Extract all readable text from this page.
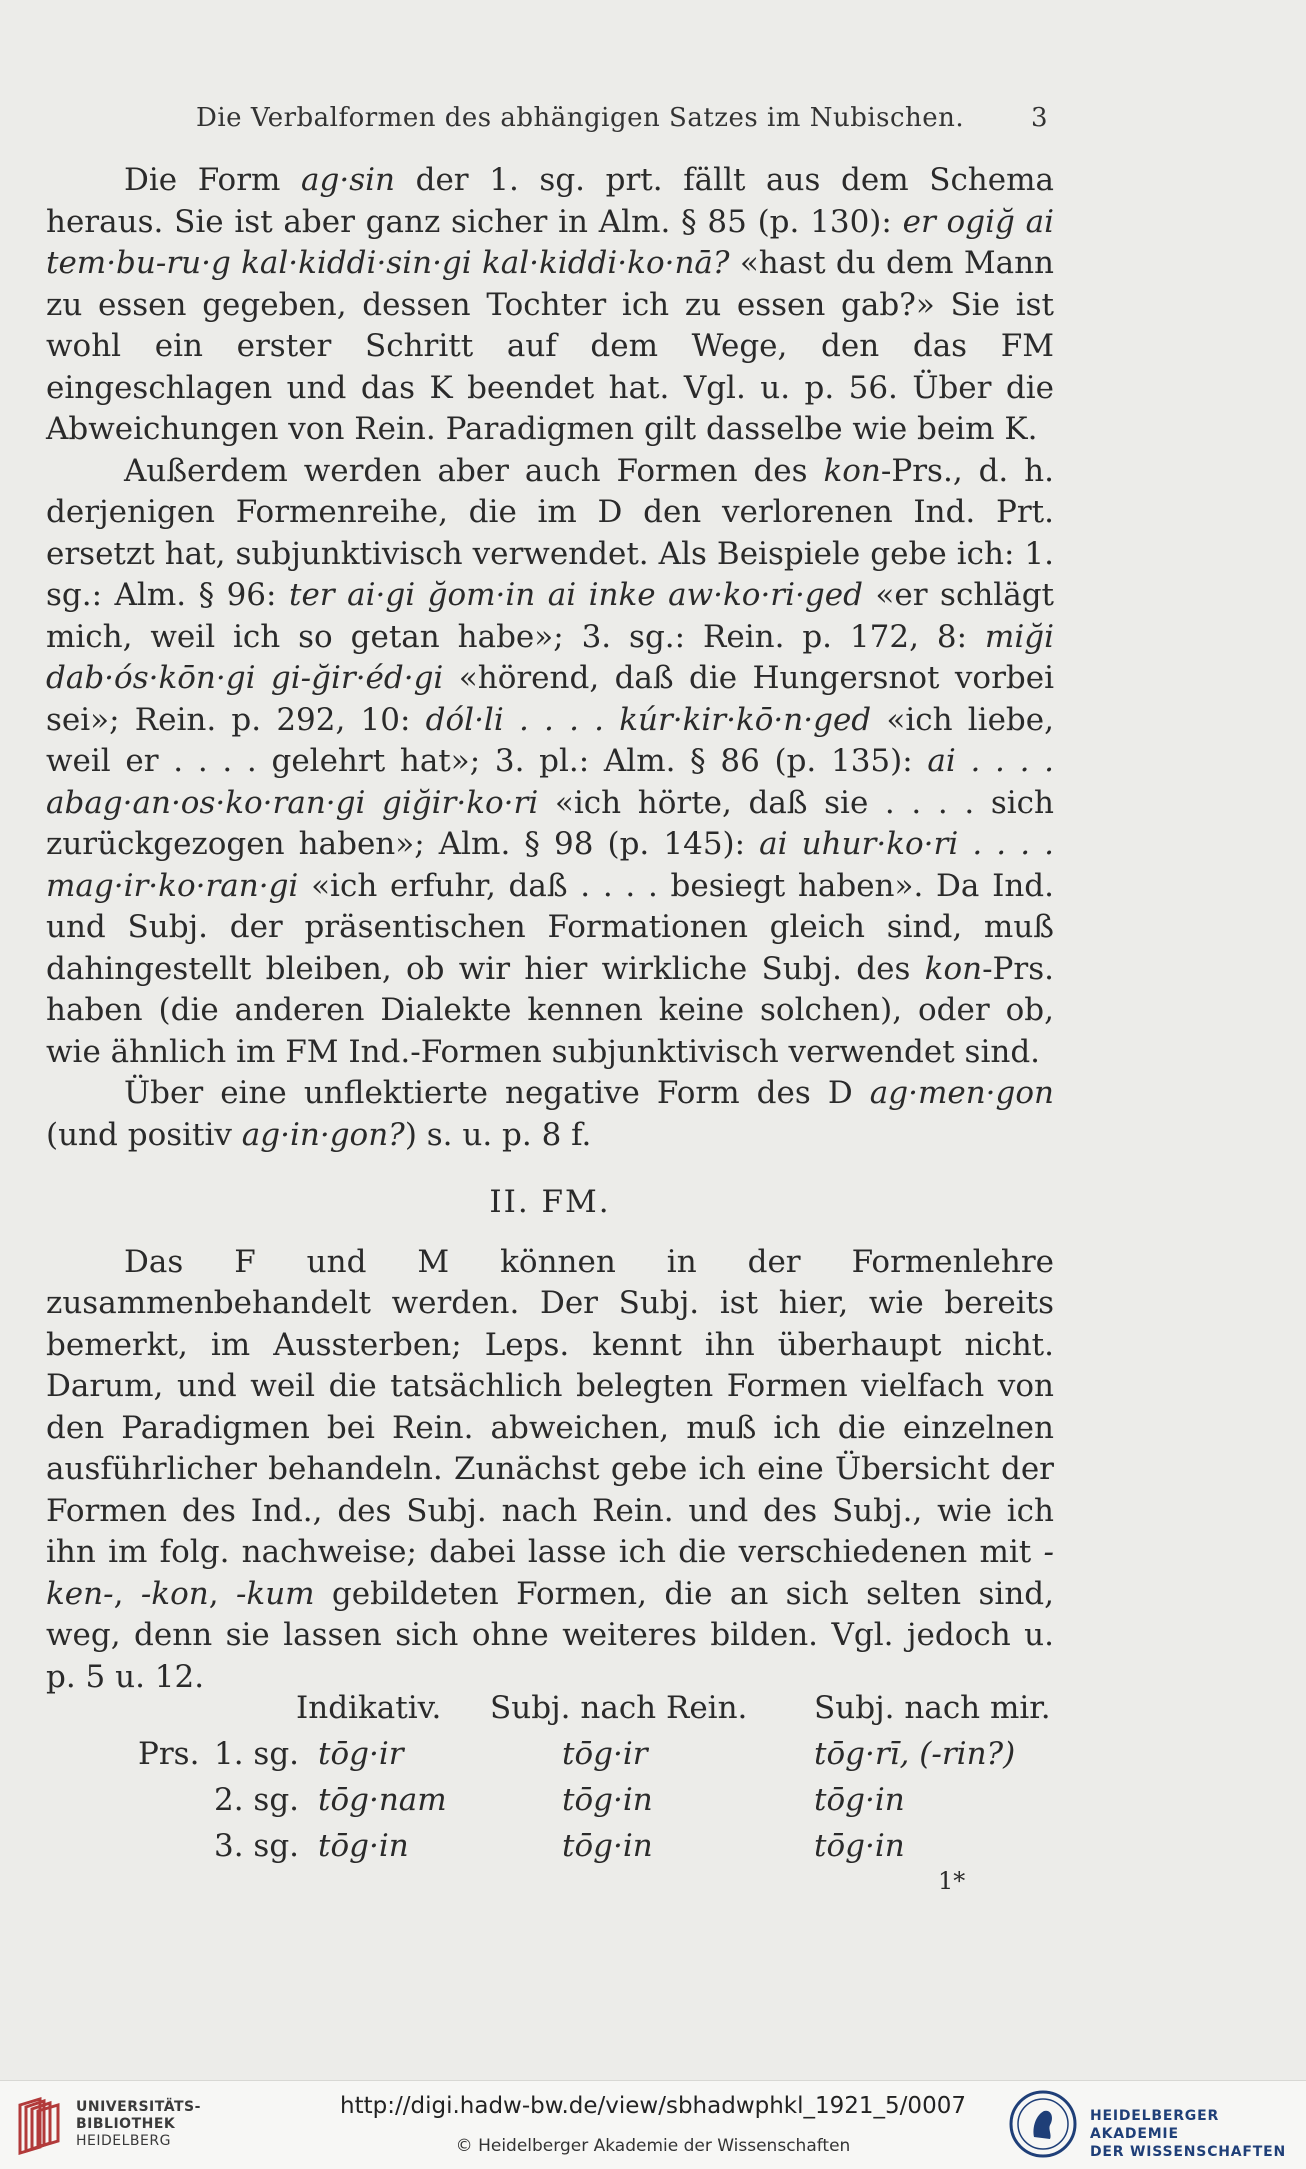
Die Verbalformen des abhängigen Satzes im Nubischen.	3

Die Form ag·sin der 1. sg. prt. fällt aus dem Schema heraus. Sie ist aber ganz sicher in Alm. § 85 (p. 130): er ogiğ ai tem·bu-ru·g kal·kiddi·sin·gi kal·kiddi·ko·nā? «hast du dem Mann zu essen gegeben, dessen Tochter ich zu essen gab?» Sie ist wohl ein erster Schritt auf dem Wege, den das FM eingeschlagen und das K beendet hat. Vgl. u. p. 56. Über die Abweichungen von Rein. Paradigmen gilt dasselbe wie beim K.

Außerdem werden aber auch Formen des kon-Prs., d. h. derjenigen Formenreihe, die im D den verlorenen Ind. Prt. ersetzt hat, subjunktivisch verwendet. Als Beispiele gebe ich: 1. sg.: Alm. § 96: ter ai·gi ğom·in ai inke aw·ko·ri·ged «er schlägt mich, weil ich so getan habe»; 3. sg.: Rein. p. 172, 8: miği dab·ós·kōn·gi gi-ğir·éd·gi «hörend, daß die Hungersnot vorbei sei»; Rein. p. 292, 10: dól·li . . . . kúr·kir·kō·n·ged «ich liebe, weil er . . . . gelehrt hat»; 3. pl.: Alm. § 86 (p. 135): ai . . . . abag·an·os·ko·ran·gi giğir·ko·ri «ich hörte, daß sie . . . . sich zurückgezogen haben»; Alm. § 98 (p. 145): ai uhur·ko·ri . . . . mag·ir·ko·ran·gi «ich erfuhr, daß . . . . besiegt haben». Da Ind. und Subj. der präsentischen Formationen gleich sind, muß dahingestellt bleiben, ob wir hier wirkliche Subj. des kon-Prs. haben (die anderen Dialekte kennen keine solchen), oder ob, wie ähnlich im FM Ind.-Formen subjunktivisch verwendet sind.

Über eine unflektierte negative Form des D ag·men·gon (und positiv ag·in·gon?) s. u. p. 8 f.

II. FM.

Das F und M können in der Formenlehre zusammenbehandelt werden. Der Subj. ist hier, wie bereits bemerkt, im Aussterben; Leps. kennt ihn überhaupt nicht. Darum, und weil die tatsächlich belegten Formen vielfach von den Paradigmen bei Rein. abweichen, muß ich die einzelnen ausführlicher behandeln. Zunächst gebe ich eine Übersicht der Formen des Ind., des Subj. nach Rein. und des Subj., wie ich ihn im folg. nachweise; dabei lasse ich die verschiedenen mit -ken-, -kon, -kum gebildeten Formen, die an sich selten sind, weg, denn sie lassen sich ohne weiteres bilden. Vgl. jedoch u. p. 5 u. 12.

Indikativ. Subj. nach Rein. Subj. nach mir.
Prs. 1. sg. tōg·ir	tōg·ir	tōg·rī, (-rin?)
2. sg. tōg·nam	tōg·in	tōg·in
3. sg. tōg·in	tōg·in	tōg·in
1*
UNIVERSITÄTS-
BIBLIOTHEK
HEIDELBERG
http://digi.hadw-bw.de/view/sbhadwphkl_1921_5/0007
© Heidelberger Akademie der Wissenschaften
HEIDELBERGER AKADEMIE
DER WISSENSCHAFTEN
